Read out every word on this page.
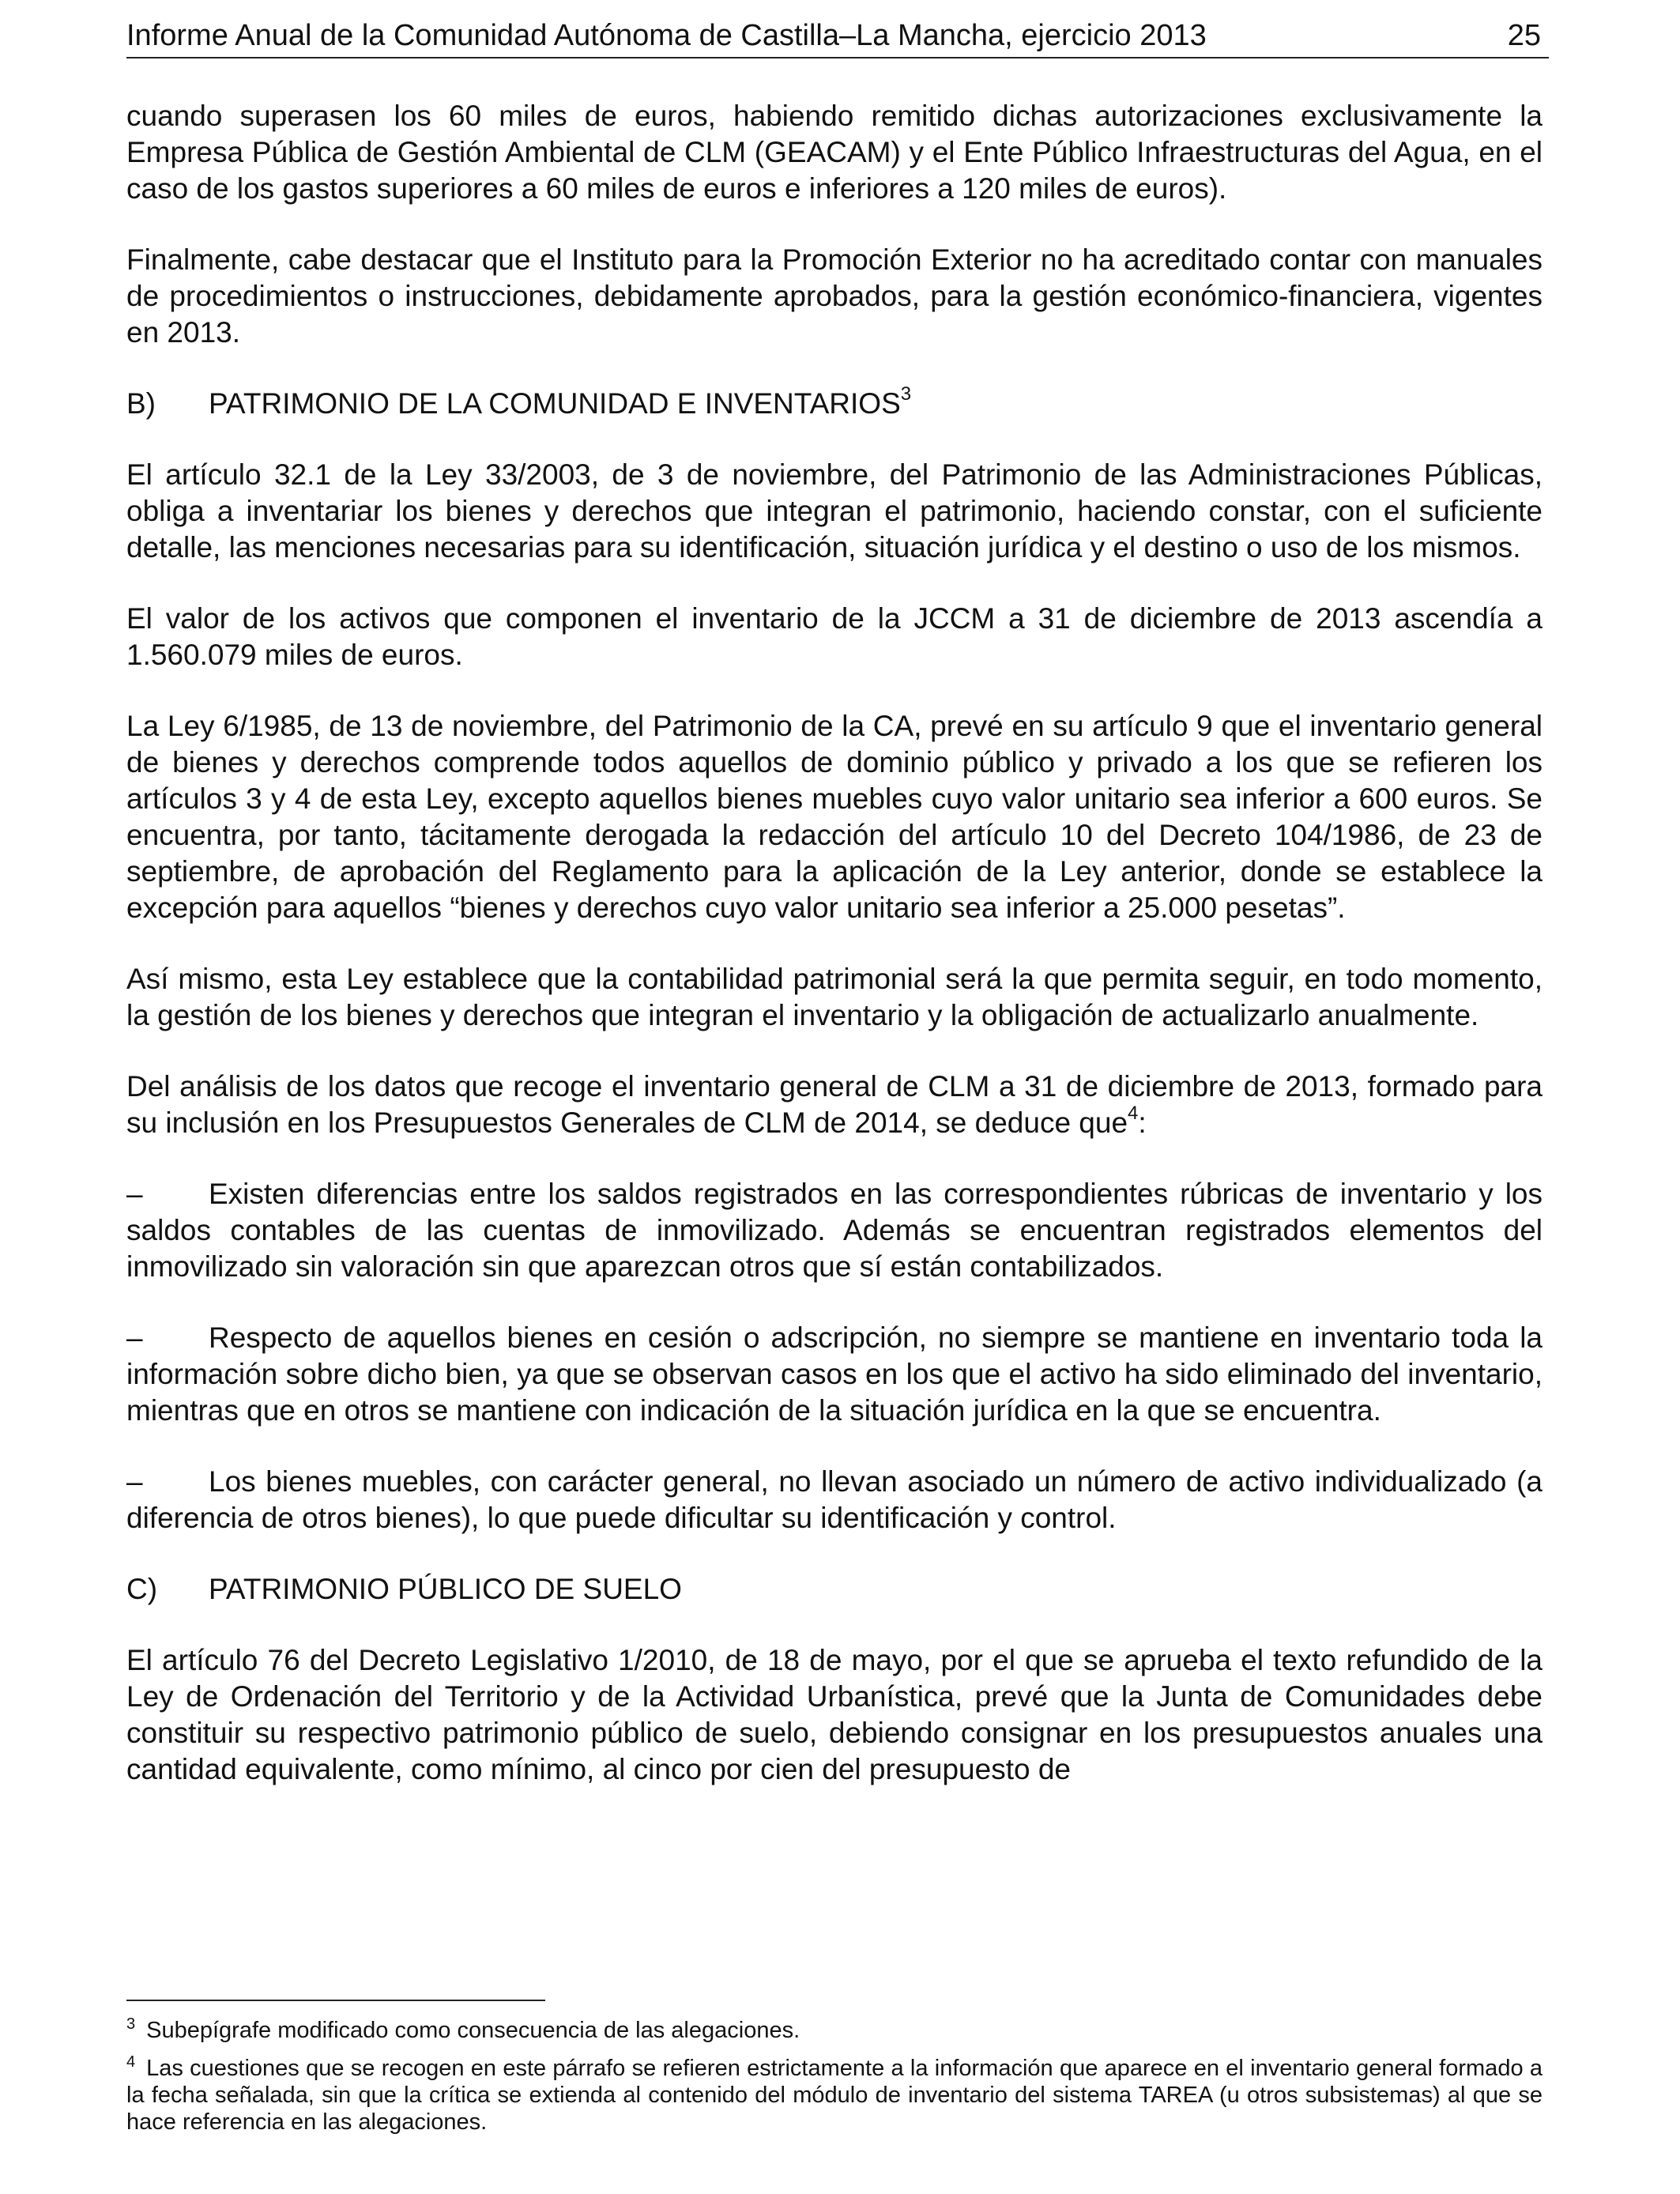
Informe Anual de la Comunidad Autónoma de Castilla–La Mancha, ejercicio 2013	25

cuando superasen los 60 miles de euros, habiendo remitido dichas autorizaciones exclusivamente la Empresa Pública de Gestión Ambiental de CLM (GEACAM) y el Ente Público Infraestructuras del Agua, en el caso de los gastos superiores a 60 miles de euros e inferiores a 120 miles de euros).

Finalmente, cabe destacar que el Instituto para la Promoción Exterior no ha acreditado contar con manuales de procedimientos o instrucciones, debidamente aprobados, para la gestión económico-financiera, vigentes en 2013.

B) PATRIMONIO DE LA COMUNIDAD E INVENTARIOS$^3$

El artículo 32.1 de la Ley 33/2003, de 3 de noviembre, del Patrimonio de las Administraciones Públicas, obliga a inventariar los bienes y derechos que integran el patrimonio, haciendo constar, con el suficiente detalle, las menciones necesarias para su identificación, situación jurídica y el destino o uso de los mismos.

El valor de los activos que componen el inventario de la JCCM a 31 de diciembre de 2013 ascendía a 1.560.079 miles de euros.

La Ley 6/1985, de 13 de noviembre, del Patrimonio de la CA, prevé en su artículo 9 que el inventario general de bienes y derechos comprende todos aquellos de dominio público y privado a los que se refieren los artículos 3 y 4 de esta Ley, excepto aquellos bienes muebles cuyo valor unitario sea inferior a 600 euros. Se encuentra, por tanto, tácitamente derogada la redacción del artículo 10 del Decreto 104/1986, de 23 de septiembre, de aprobación del Reglamento para la aplicación de la Ley anterior, donde se establece la excepción para aquellos “bienes y derechos cuyo valor unitario sea inferior a 25.000 pesetas”.

Así mismo, esta Ley establece que la contabilidad patrimonial será la que permita seguir, en todo momento, la gestión de los bienes y derechos que integran el inventario y la obligación de actualizarlo anualmente.

Del análisis de los datos que recoge el inventario general de CLM a 31 de diciembre de 2013, formado para su inclusión en los Presupuestos Generales de CLM de 2014, se deduce que$^4$:

– Existen diferencias entre los saldos registrados en las correspondientes rúbricas de inventario y los saldos contables de las cuentas de inmovilizado. Además se encuentran registrados elementos del inmovilizado sin valoración sin que aparezcan otros que sí están contabilizados.

– Respecto de aquellos bienes en cesión o adscripción, no siempre se mantiene en inventario toda la información sobre dicho bien, ya que se observan casos en los que el activo ha sido eliminado del inventario, mientras que en otros se mantiene con indicación de la situación jurídica en la que se encuentra.

– Los bienes muebles, con carácter general, no llevan asociado un número de activo individualizado (a diferencia de otros bienes), lo que puede dificultar su identificación y control.

C) PATRIMONIO PÚBLICO DE SUELO

El artículo 76 del Decreto Legislativo 1/2010, de 18 de mayo, por el que se aprueba el texto refundido de la Ley de Ordenación del Territorio y de la Actividad Urbanística, prevé que la Junta de Comunidades debe constituir su respectivo patrimonio público de suelo, debiendo consignar en los presupuestos anuales una cantidad equivalente, como mínimo, al cinco por cien del presupuesto de

$^3$ Subepígrafe modificado como consecuencia de las alegaciones.

$^4$ Las cuestiones que se recogen en este párrafo se refieren estrictamente a la información que aparece en el inventario general formado a la fecha señalada, sin que la crítica se extienda al contenido del módulo de inventario del sistema TAREA (u otros subsistemas) al que se hace referencia en las alegaciones.
